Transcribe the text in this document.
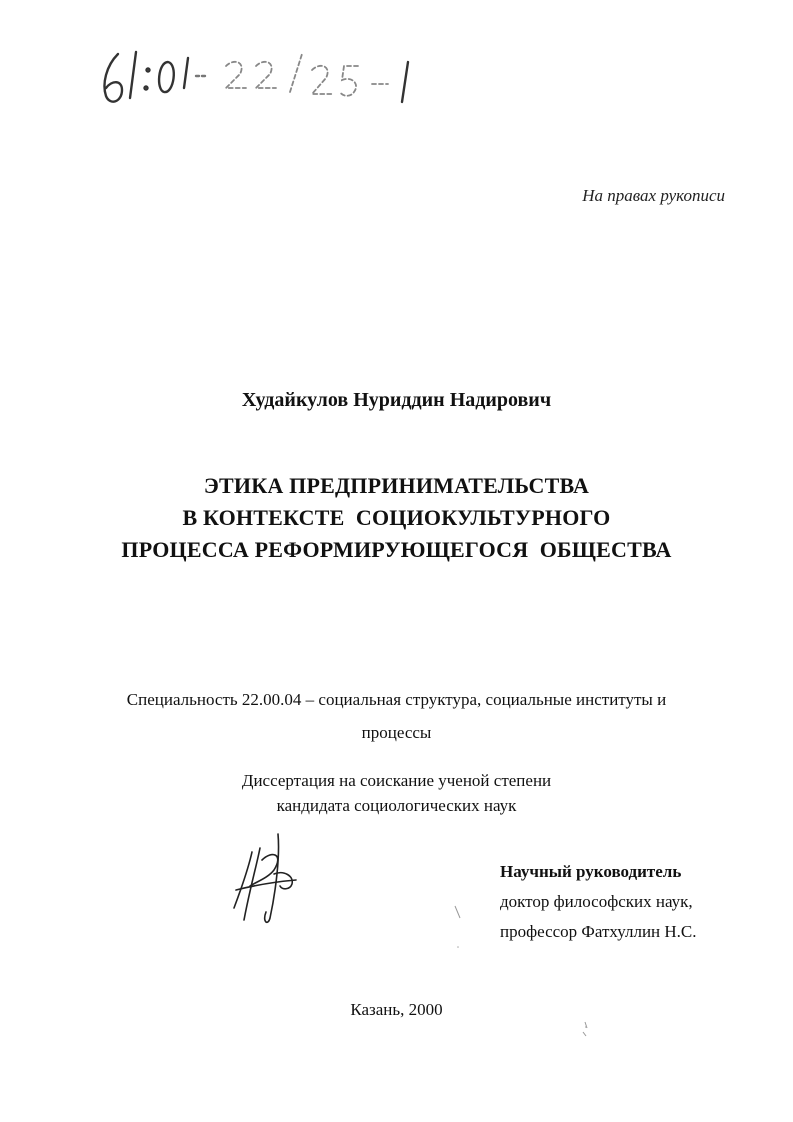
На правах рукописи
Худайкулов Нуриддин Надирович
ЭТИКА ПРЕДПРИНИМАТЕЛЬСТВА
В КОНТЕКСТЕ  СОЦИОКУЛЬТУРНОГО
ПРОЦЕССА РЕФОРМИРУЮЩЕГОСЯ  ОБЩЕСТВА
Специальность 22.00.04 – социальная структура, социальные институты и
процессы
Диссертация на соискание ученой степени
кандидата социологических наук
Научный руководитель
доктор философских наук,
профессор Фатхуллин Н.С.
Казань, 2000
